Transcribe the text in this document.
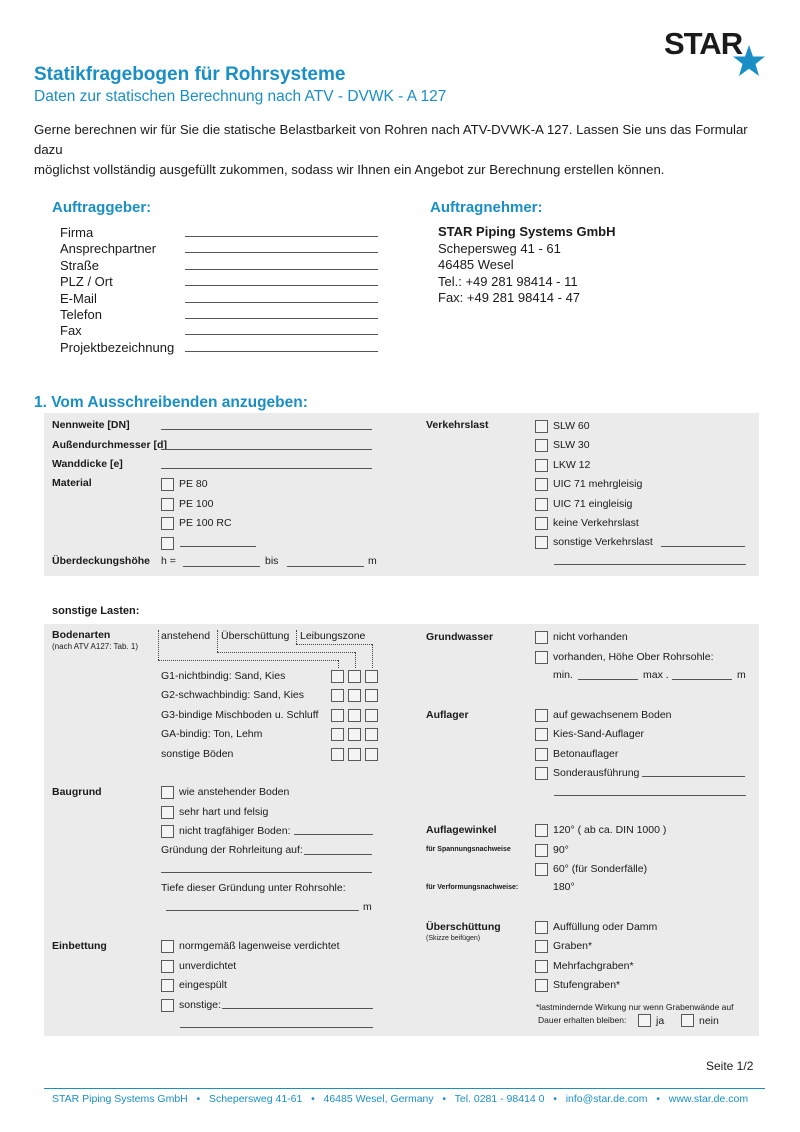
STAR
Statikfragebogen für Rohrsysteme
Daten zur statischen Berechnung nach ATV - DVWK - A 127
Gerne berechnen wir für Sie die statische Belastbarkeit von Rohren nach ATV-DVWK-A 127. Lassen Sie uns das Formular dazu
möglichst vollständig ausgefüllt zukommen, sodass wir Ihnen ein Angebot zur Berechnung erstellen können.
Auftraggeber:
Firma
Ansprechpartner
Straße
PLZ / Ort
E-Mail
Telefon
Fax
Projektbezeichnung
Auftragnehmer:
STAR Piping Systems GmbH
Schepersweg 41 - 61
46485 Wesel
Tel.: +49 281 98414 - 11
Fax: +49 281 98414 - 47
1. Vom Ausschreibenden anzugeben:
Nennweite [DN]
Außendurchmesser [d]
Wanddicke [e]
Material	PE 80
PE 100
PE 100 RC
Überdeckungshöhe h =	bis	m
Verkehrslast	SLW 60
SLW 30
LKW 12
UIC 71 mehrgleisig
UIC 71 eingleisig
keine Verkehrslast
sonstige Verkehrslast
sonstige Lasten:
Bodenarten
(nach ATV A127: Tab. 1)
anstehend Überschüttung Leibungszone
G1-nichtbindig: Sand, Kies
G2-schwachbindig: Sand, Kies
G3-bindige Mischboden u. Schluff
GA-bindig: Ton, Lehm
sonstige Böden
Baugrund	wie anstehender Boden
sehr hart und felsig
nicht tragfähiger Boden:
Gründung der Rohrleitung auf:
Tiefe dieser Gründung unter Rohrsohle:
m
Einbettung	normgemäß lagenweise verdichtet
unverdichtet
eingespült
sonstige:
Grundwasser	nicht vorhanden
vorhanden, Höhe Ober Rohrsohle:
min.	max .	m
Auflager	auf gewachsenem Boden
Kies-Sand-Auflager
Betonauflager
Sonderausführung
Auflagewinkel
für Spannungsnachweise
für Verformungsnachweise:
120° ( ab ca. DIN 1000 )
90°
60° (für Sonderfälle)
180°
Überschüttung
(Skizze beifügen)
Auffüllung oder Damm
Graben*
Mehrfachgraben*
Stufengraben*
*lastmindernde Wirkung nur wenn Grabenwände auf
Dauer erhalten bleiben:	ja	nein
Seite 1/2
STAR Piping Systems GmbH   •   Schepersweg 41-61   •   46485 Wesel, Germany   •   Tel. 0281 - 98414 0   •   info@star.de.com   •   www.star.de.com
